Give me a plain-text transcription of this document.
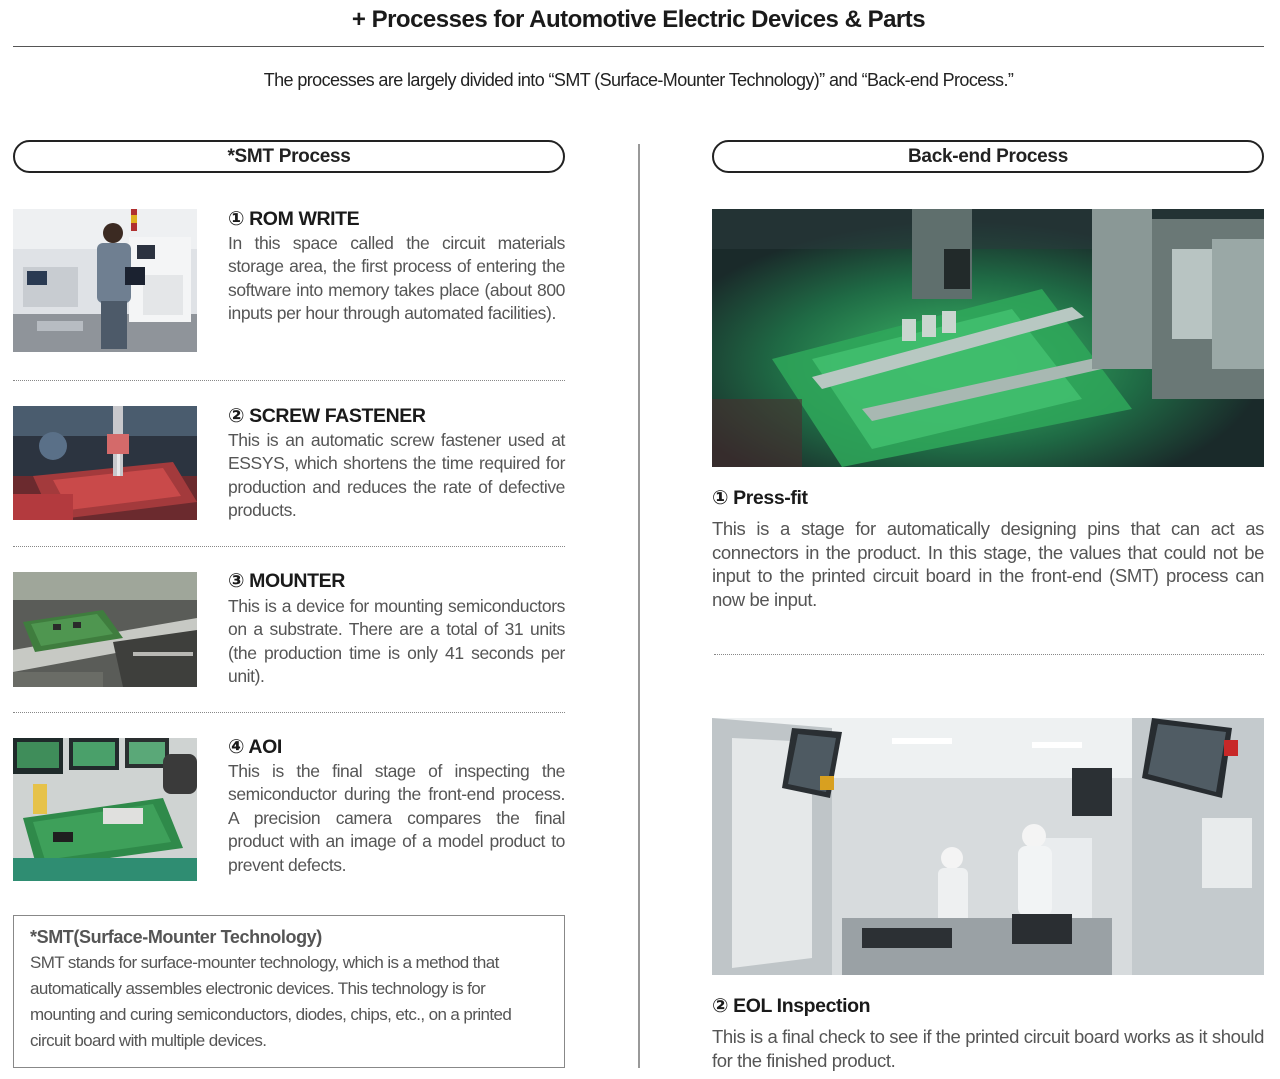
+ Processes for Automotive Electric Devices & Parts
The processes are largely divided into “SMT (Surface-Mounter Technology)” and “Back-end Process.”
*SMT Process	Back-end Process
① ROM WRITE
In this space called the circuit materials storage area, the first process of entering the software into memory takes place (about 800 inputs per hour through automated facilities).
② SCREW FASTENER
This is an automatic screw fastener used at ESSYS, which shortens the time required for production and reduces the rate of defective products.
③ MOUNTER
This is a device for mounting semiconductors on a substrate. There are a total of 31 units (the production time is only 41 seconds per unit).
④ AOI
This is the final stage of inspecting the semiconductor during the front-end process. A precision camera compares the final product with an image of a model product to prevent defects.
*SMT(Surface-Mounter Technology)
SMT stands for surface-mounter technology, which is a method that automatically assembles electronic devices. This technology is for mounting and curing semiconductors, diodes, chips, etc., on a printed circuit board with multiple devices.
① Press-fit
This is a stage for automatically designing pins that can act as connectors in the product. In this stage, the values that could not be input to the printed circuit board in the front-end (SMT) process can now be input.
② EOL Inspection
This is a final check to see if the printed circuit board works as it should for the finished product.
